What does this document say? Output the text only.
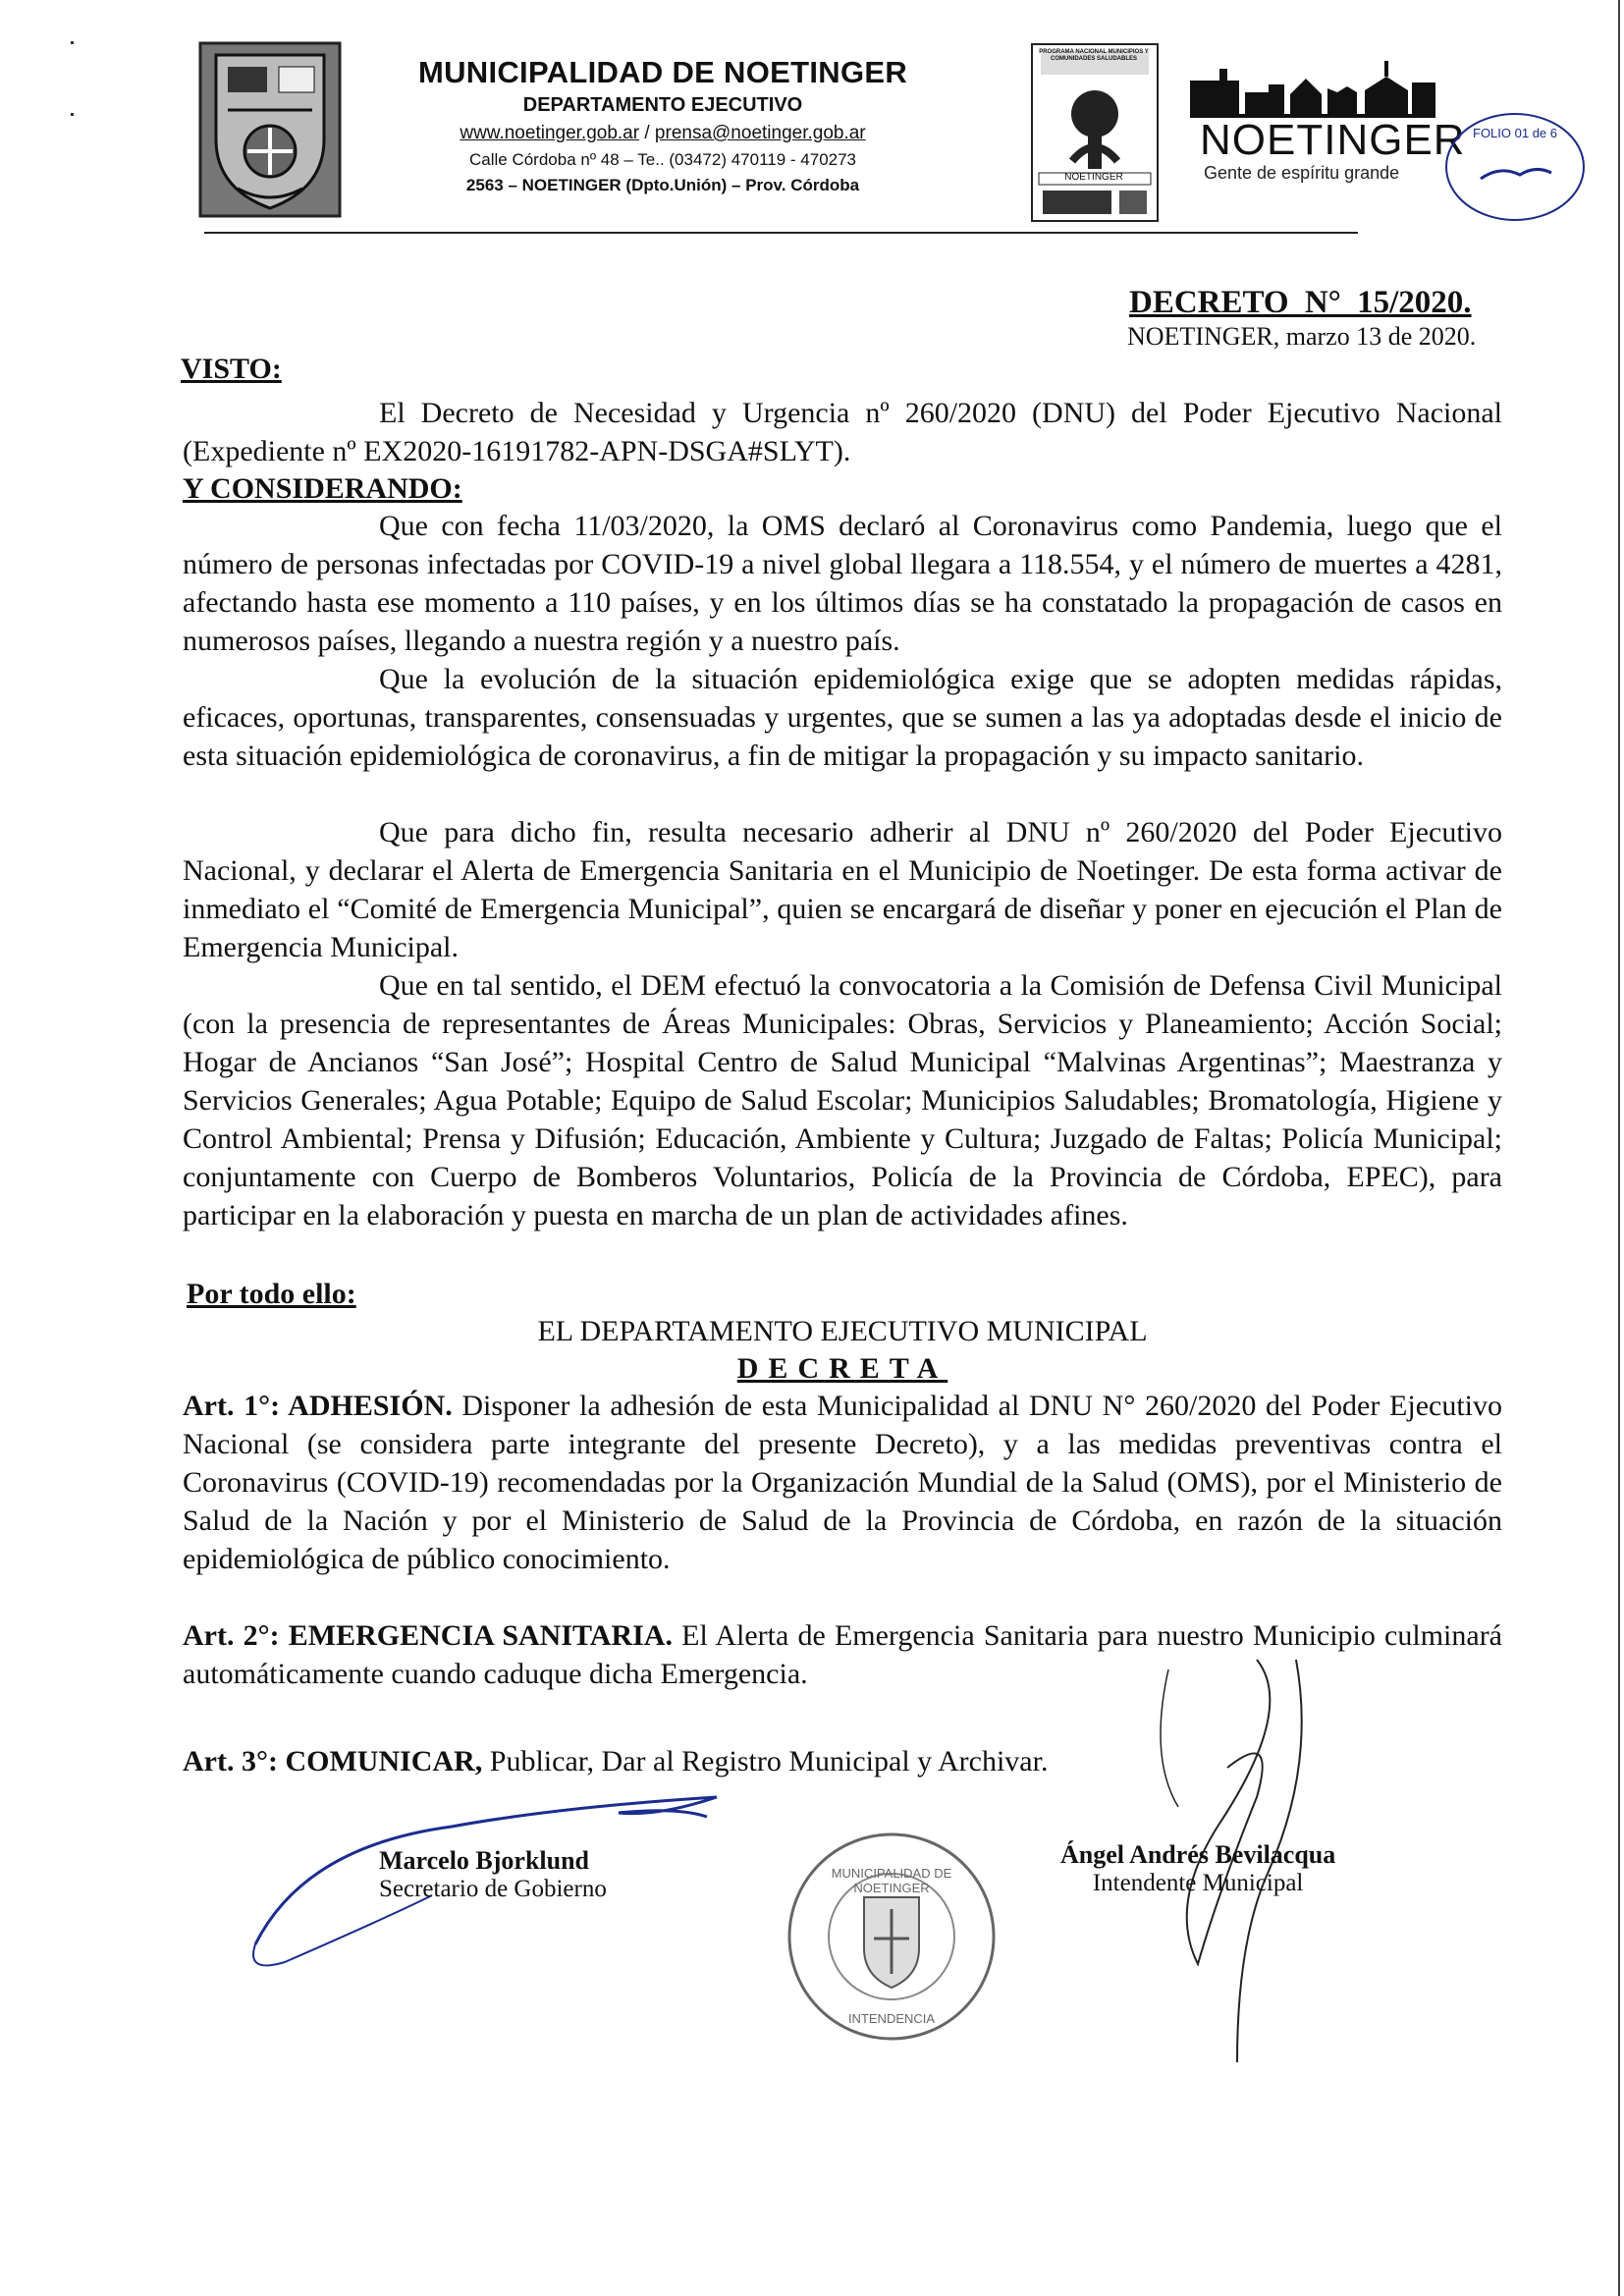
MUNICIPALIDAD DE NOETINGER
DEPARTAMENTO EJECUTIVO
www.noetinger.gob.ar / prensa@noetinger.gob.ar
Calle Córdoba nº 48 – Te.. (03472) 470119 - 470273
2563 – NOETINGER (Dpto.Unión) – Prov. Córdoba
PROGRAMA NACIONAL MUNICIPIOS Y COMUNIDADES SALUDABLES
NOETINGER
NOETINGER
Gente de espíritu grande
FOLIO 01 de 6
DECRETO N° 15/2020.
NOETINGER, marzo 13 de 2020.
VISTO:
El Decreto de Necesidad y Urgencia nº 260/2020 (DNU) del Poder Ejecutivo Nacional (Expediente nº EX2020-16191782-APN-DSGA#SLYT).
Y CONSIDERANDO:
Que con fecha 11/03/2020, la OMS declaró al Coronavirus como Pandemia, luego que el número de personas infectadas por COVID-19 a nivel global llegara a 118.554, y el número de muertes a 4281, afectando hasta ese momento a 110 países, y en los últimos días se ha constatado la propagación de casos en numerosos países, llegando a nuestra región y a nuestro país.
Que la evolución de la situación epidemiológica exige que se adopten medidas rápidas, eficaces, oportunas, transparentes, consensuadas y urgentes, que se sumen a las ya adoptadas desde el inicio de esta situación epidemiológica de coronavirus, a fin de mitigar la propagación y su impacto sanitario.
Que para dicho fin, resulta necesario adherir al DNU nº 260/2020 del Poder Ejecutivo Nacional, y declarar el Alerta de Emergencia Sanitaria en el Municipio de Noetinger. De esta forma activar de inmediato el “Comité de Emergencia Municipal”, quien se encargará de diseñar y poner en ejecución el Plan de Emergencia Municipal.
Que en tal sentido, el DEM efectuó la convocatoria a la Comisión de Defensa Civil Municipal (con la presencia de representantes de Áreas Municipales: Obras, Servicios y Planeamiento; Acción Social; Hogar de Ancianos “San José”; Hospital Centro de Salud Municipal “Malvinas Argentinas”; Maestranza y Servicios Generales; Agua Potable; Equipo de Salud Escolar; Municipios Saludables; Bromatología, Higiene y Control Ambiental; Prensa y Difusión; Educación, Ambiente y Cultura; Juzgado de Faltas; Policía Municipal; conjuntamente con Cuerpo de Bomberos Voluntarios, Policía de la Provincia de Córdoba, EPEC), para participar en la elaboración y puesta en marcha de un plan de actividades afines.
Por todo ello:
EL DEPARTAMENTO EJECUTIVO MUNICIPAL
DECRETA
Art. 1°: ADHESIÓN. Disponer la adhesión de esta Municipalidad al DNU N° 260/2020 del Poder Ejecutivo Nacional (se considera parte integrante del presente Decreto), y a las medidas preventivas contra el Coronavirus (COVID-19) recomendadas por la Organización Mundial de la Salud (OMS), por el Ministerio de Salud de la Nación y por el Ministerio de Salud de la Provincia de Córdoba, en razón de la situación epidemiológica de público conocimiento.
Art. 2°: EMERGENCIA SANITARIA. El Alerta de Emergencia Sanitaria para nuestro Municipio culminará automáticamente cuando caduque dicha Emergencia.
Art. 3°: COMUNICAR, Publicar, Dar al Registro Municipal y Archivar.
Marcelo Bjorklund
Secretario de Gobierno
MUNICIPALIDAD DE NOETINGER
INTENDENCIA
Ángel Andrés Bevilacqua
Intendente Municipal
